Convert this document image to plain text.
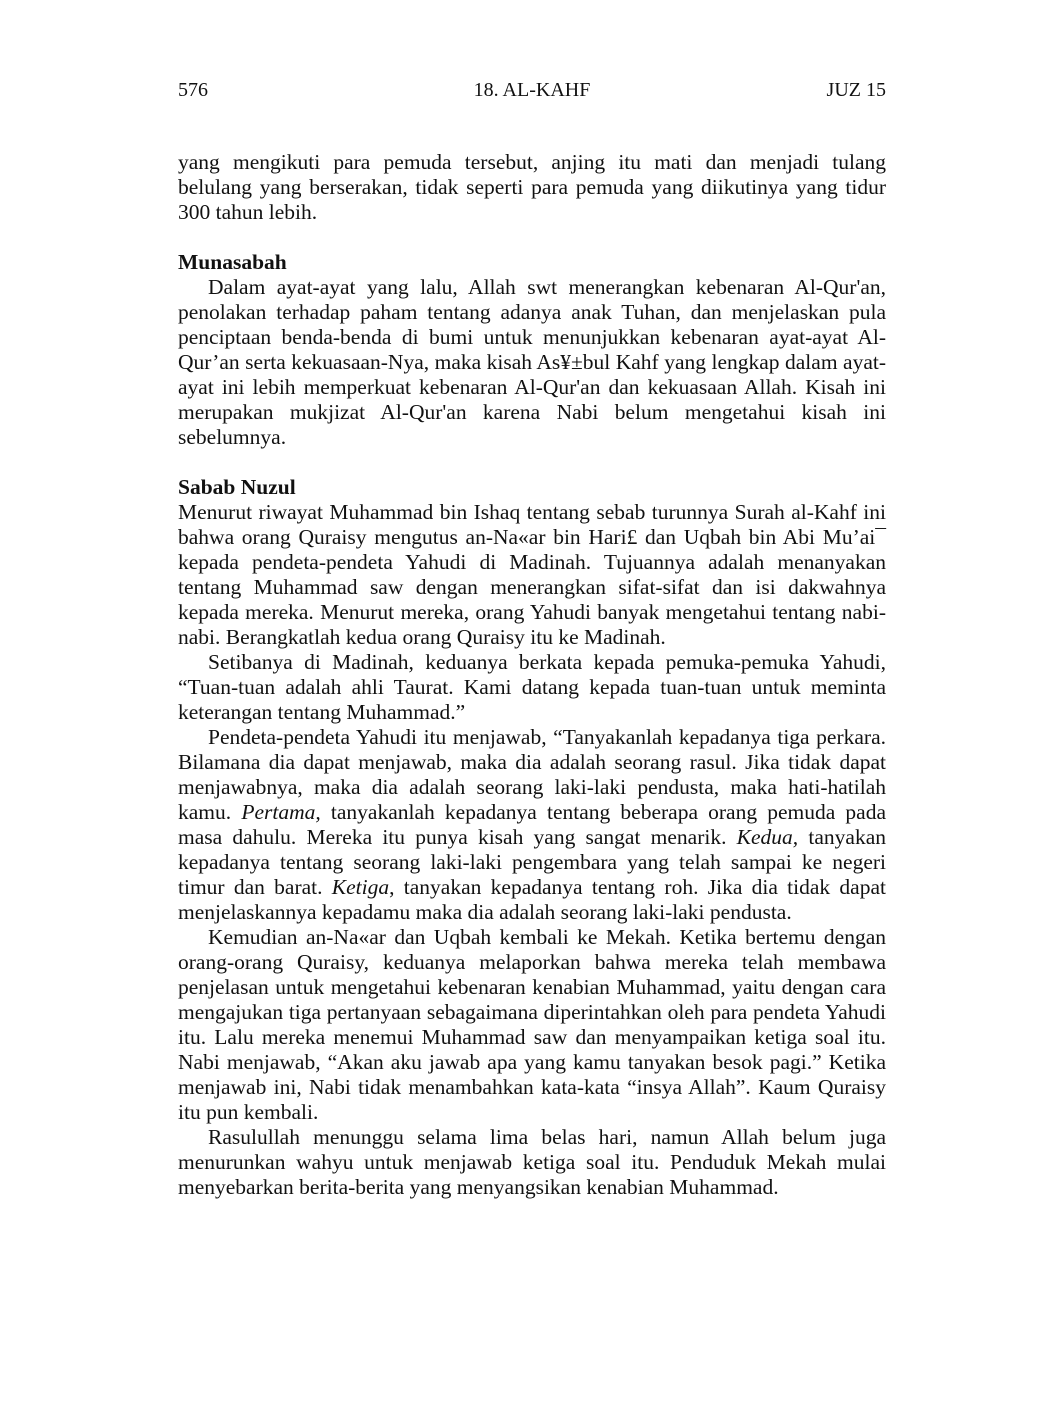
576	18. AL-KAHF	JUZ 15

yang mengikuti para pemuda tersebut, anjing itu mati dan menjadi tulang belulang yang berserakan, tidak seperti para pemuda yang diikutinya yang tidur 300 tahun lebih.

Munasabah

Dalam ayat-ayat yang lalu, Allah swt menerangkan kebenaran Al-Qur'an, penolakan terhadap paham tentang adanya anak Tuhan, dan menjelaskan pula penciptaan benda-benda di bumi untuk menunjukkan kebenaran ayat-ayat Al-Qur’an serta kekuasaan-Nya, maka kisah As¥±bul Kahf yang lengkap dalam ayat-ayat ini lebih memperkuat kebenaran Al-Qur'an dan kekuasaan Allah. Kisah ini merupakan mukjizat Al-Qur'an karena Nabi belum mengetahui kisah ini sebelumnya.

Sabab Nuzul

Menurut riwayat Muhammad bin Ishaq tentang sebab turunnya Surah al-Kahf ini bahwa orang Quraisy mengutus an-Na«ar bin Hari£ dan Uqbah bin Abi Mu’ai¯ kepada pendeta-pendeta Yahudi di Madinah. Tujuannya adalah menanyakan tentang Muhammad saw dengan menerangkan sifat-sifat dan isi dakwahnya kepada mereka. Menurut mereka, orang Yahudi banyak mengetahui tentang nabi-nabi. Berangkatlah kedua orang Quraisy itu ke Madinah.

Setibanya di Madinah, keduanya berkata kepada pemuka-pemuka Yahudi, “Tuan-tuan adalah ahli Taurat. Kami datang kepada tuan-tuan untuk meminta keterangan tentang Muhammad.”

Pendeta-pendeta Yahudi itu menjawab, “Tanyakanlah kepadanya tiga perkara. Bilamana dia dapat menjawab, maka dia adalah seorang rasul. Jika tidak dapat menjawabnya, maka dia adalah seorang laki-laki pendusta, maka hati-hatilah kamu. Pertama, tanyakanlah kepadanya tentang beberapa orang pemuda pada masa dahulu. Mereka itu punya kisah yang sangat menarik. Kedua, tanyakan kepadanya tentang seorang laki-laki pengembara yang telah sampai ke negeri timur dan barat. Ketiga, tanyakan kepadanya tentang roh. Jika dia tidak dapat menjelaskannya kepadamu maka dia adalah seorang laki-laki pendusta.

Kemudian an-Na«ar dan Uqbah kembali ke Mekah. Ketika bertemu dengan orang-orang Quraisy, keduanya melaporkan bahwa mereka telah membawa penjelasan untuk mengetahui kebenaran kenabian Muhammad, yaitu dengan cara mengajukan tiga pertanyaan sebagaimana diperintahkan oleh para pendeta Yahudi itu. Lalu mereka menemui Muhammad saw dan menyampaikan ketiga soal itu. Nabi menjawab, “Akan aku jawab apa yang kamu tanyakan besok pagi.” Ketika menjawab ini, Nabi tidak menambahkan kata-kata “insya Allah”. Kaum Quraisy itu pun kembali.

Rasulullah menunggu selama lima belas hari, namun Allah belum juga menurunkan wahyu untuk menjawab ketiga soal itu. Penduduk Mekah mulai menyebarkan berita-berita yang menyangsikan kenabian Muhammad.
